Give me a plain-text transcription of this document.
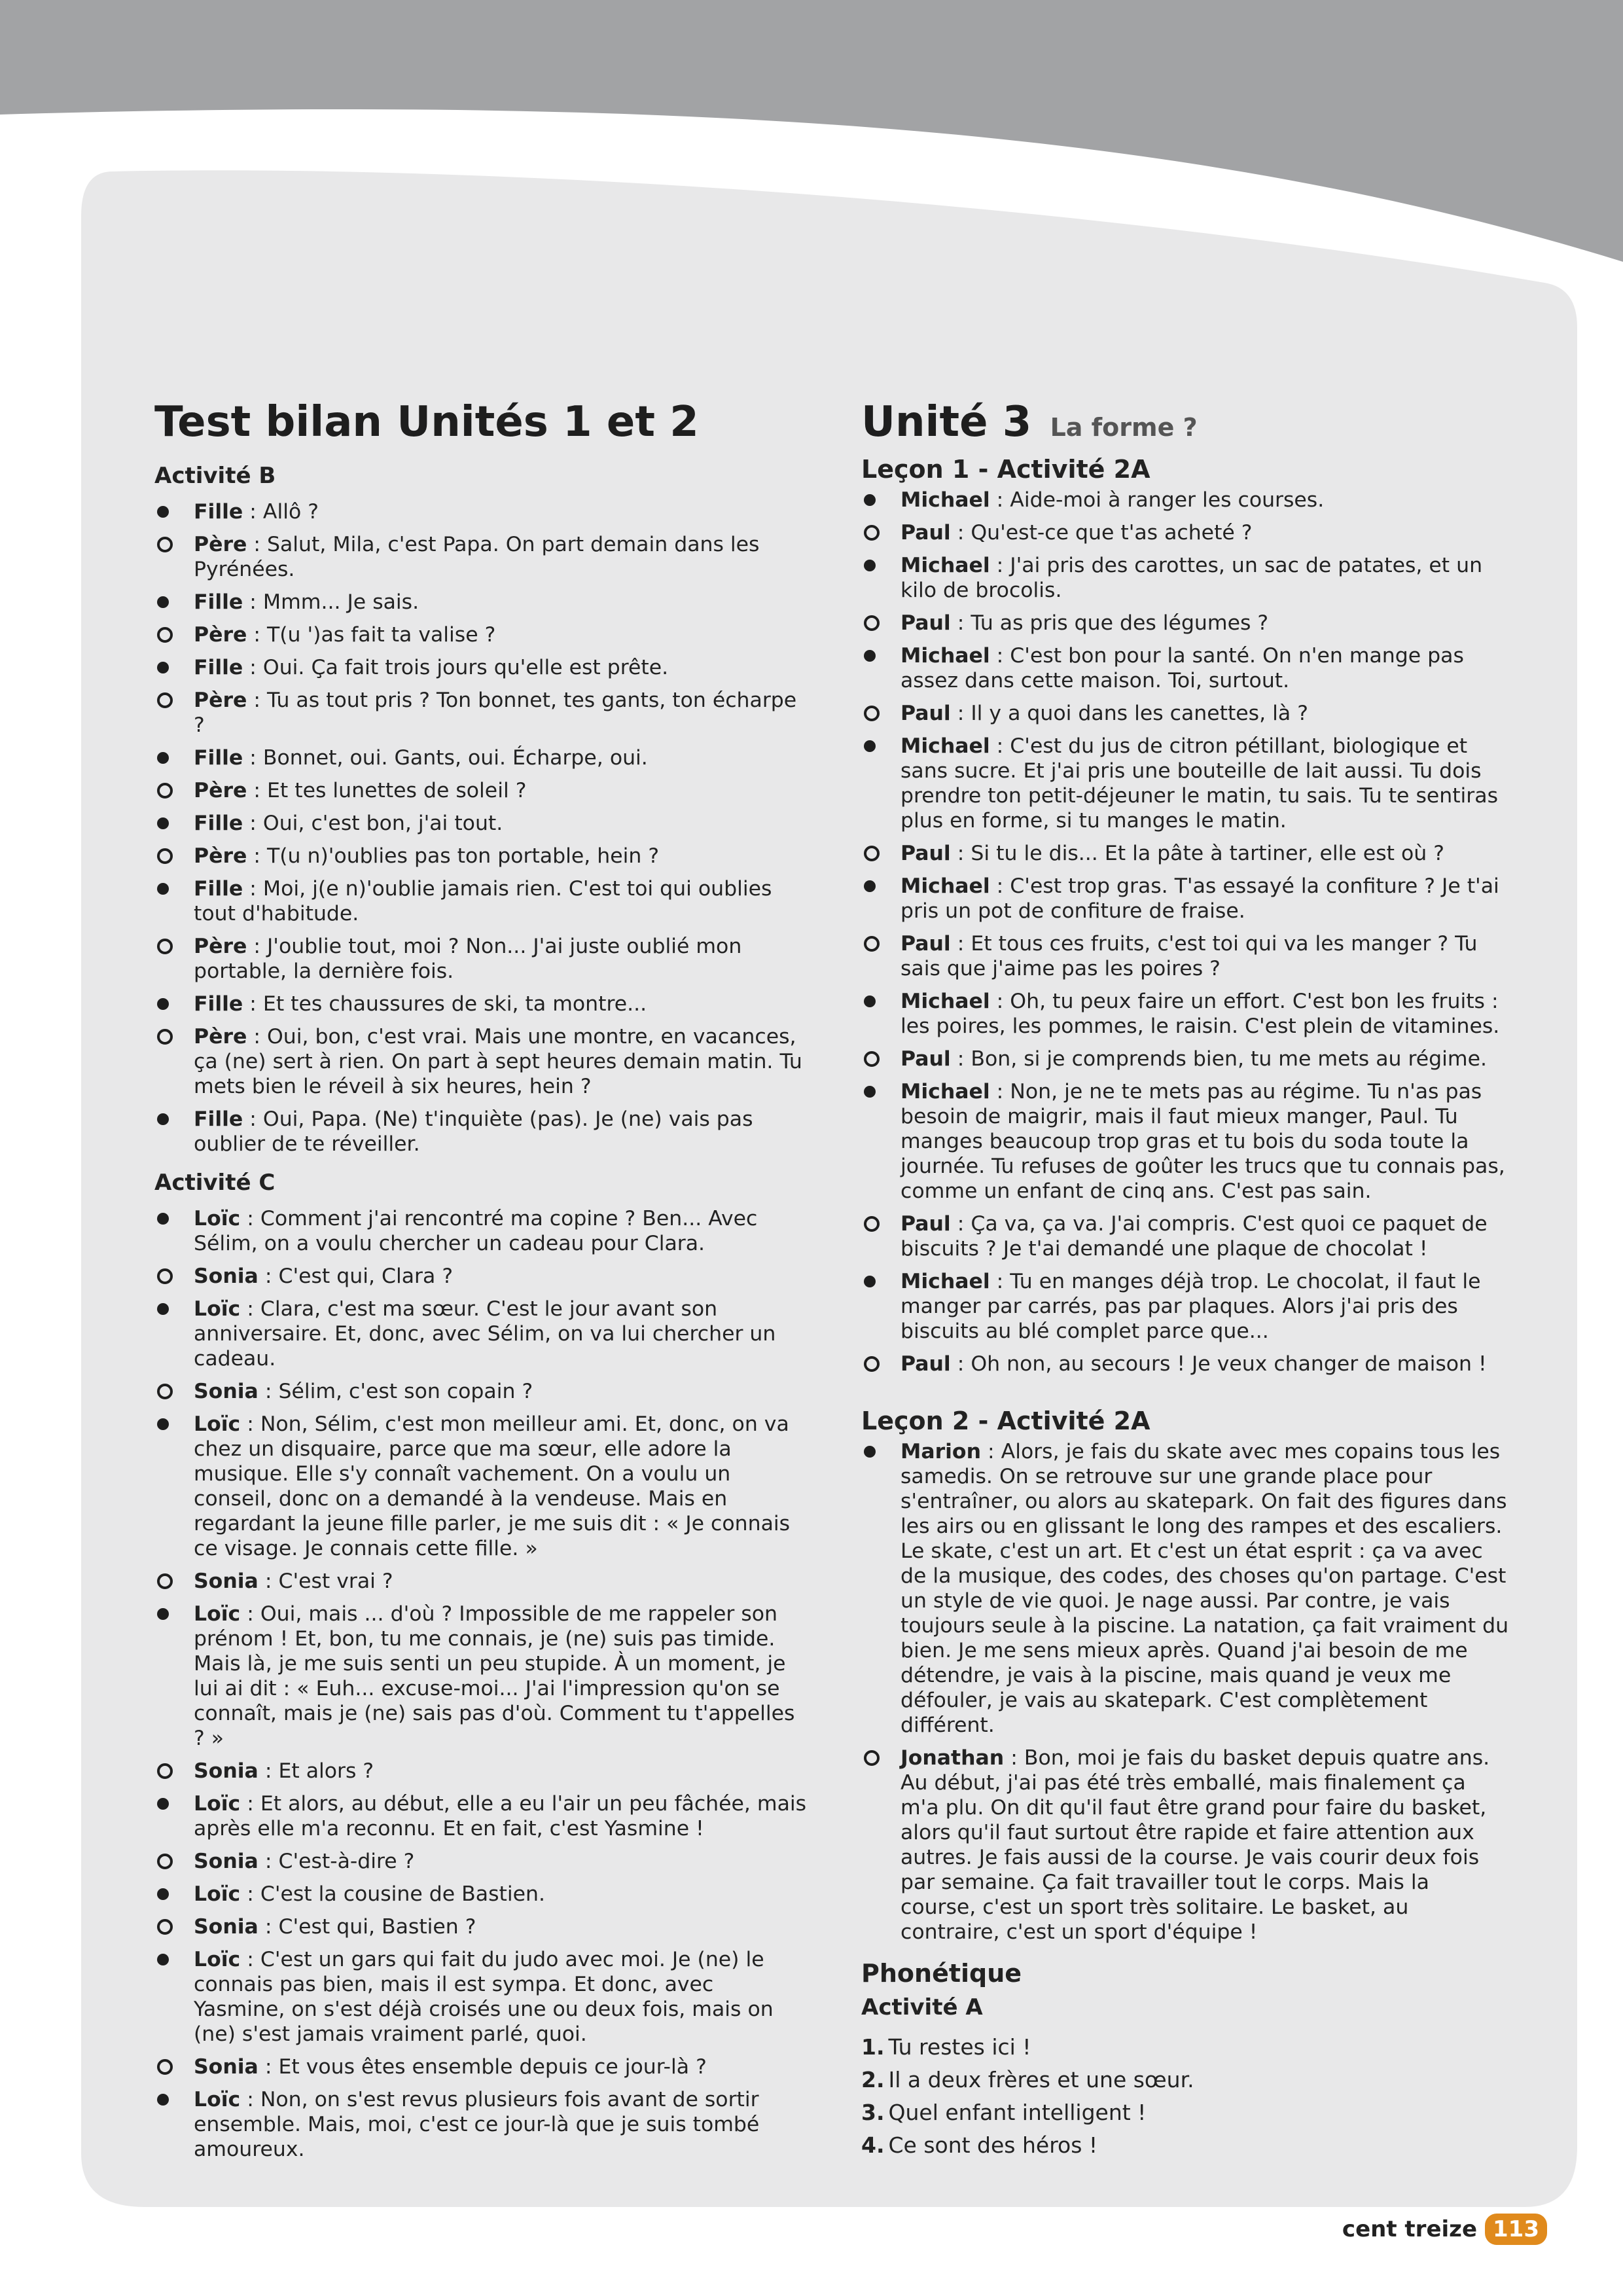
Test bilan Unités 1 et 2
Activité B
Fille : Allô ?
Père : Salut, Mila, c'est Papa. On part demain dans les Pyrénées.
Fille : Mmm... Je sais.
Père : T(u ')as fait ta valise ?
Fille : Oui. Ça fait trois jours qu'elle est prête.
Père : Tu as tout pris ? Ton bonnet, tes gants, ton écharpe ?
Fille : Bonnet, oui. Gants, oui. Écharpe, oui.
Père : Et tes lunettes de soleil ?
Fille : Oui, c'est bon, j'ai tout.
Père : T(u n)'oublies pas ton portable, hein ?
Fille : Moi, j(e n)'oublie jamais rien. C'est toi qui oublies tout d'habitude.
Père : J'oublie tout, moi ? Non... J'ai juste oublié mon portable, la dernière fois.
Fille : Et tes chaussures de ski, ta montre...
Père : Oui, bon, c'est vrai. Mais une montre, en vacances, ça (ne) sert à rien. On part à sept heures demain matin. Tu mets bien le réveil à six heures, hein ?
Fille : Oui, Papa. (Ne) t'inquiète (pas). Je (ne) vais pas oublier de te réveiller.
Activité C
Loïc : Comment j'ai rencontré ma copine ? Ben... Avec Sélim, on a voulu chercher un cadeau pour Clara.
Sonia : C'est qui, Clara ?
Loïc : Clara, c'est ma sœur. C'est le jour avant son anniversaire. Et, donc, avec Sélim, on va lui chercher un cadeau.
Sonia : Sélim, c'est son copain ?
Loïc : Non, Sélim, c'est mon meilleur ami. Et, donc, on va chez un disquaire, parce que ma sœur, elle adore la musique. Elle s'y connaît vachement. On a voulu un conseil, donc on a demandé à la vendeuse. Mais en regardant la jeune fille parler, je me suis dit : « Je connais ce visage. Je connais cette fille. »
Sonia : C'est vrai ?
Loïc : Oui, mais ... d'où ? Impossible de me rappeler son prénom ! Et, bon, tu me connais, je (ne) suis pas timide. Mais là, je me suis senti un peu stupide. À un moment, je lui ai dit : « Euh... excuse-moi... J'ai l'impression qu'on se connaît, mais je (ne) sais pas d'où. Comment tu t'appelles ? »
Sonia : Et alors ?
Loïc : Et alors, au début, elle a eu l'air un peu fâchée, mais après elle m'a reconnu. Et en fait, c'est Yasmine !
Sonia : C'est-à-dire ?
Loïc : C'est la cousine de Bastien.
Sonia : C'est qui, Bastien ?
Loïc : C'est un gars qui fait du judo avec moi. Je (ne) le connais pas bien, mais il est sympa. Et donc, avec Yasmine, on s'est déjà croisés une ou deux fois, mais on (ne) s'est jamais vraiment parlé, quoi.
Sonia : Et vous êtes ensemble depuis ce jour-là ?
Loïc : Non, on s'est revus plusieurs fois avant de sortir ensemble. Mais, moi, c'est ce jour-là que je suis tombé amoureux.
Unité 3 La forme ?
Leçon 1 - Activité 2A
Michael : Aide-moi à ranger les courses.
Paul : Qu'est-ce que t'as acheté ?
Michael : J'ai pris des carottes, un sac de patates, et un kilo de brocolis.
Paul : Tu as pris que des légumes ?
Michael : C'est bon pour la santé. On n'en mange pas assez dans cette maison. Toi, surtout.
Paul : Il y a quoi dans les canettes, là ?
Michael : C'est du jus de citron pétillant, biologique et sans sucre. Et j'ai pris une bouteille de lait aussi. Tu dois prendre ton petit-déjeuner le matin, tu sais. Tu te sentiras plus en forme, si tu manges le matin.
Paul : Si tu le dis... Et la pâte à tartiner, elle est où ?
Michael : C'est trop gras. T'as essayé la confiture ? Je t'ai pris un pot de confiture de fraise.
Paul : Et tous ces fruits, c'est toi qui va les manger ? Tu sais que j'aime pas les poires ?
Michael : Oh, tu peux faire un effort. C'est bon les fruits : les poires, les pommes, le raisin. C'est plein de vitamines.
Paul : Bon, si je comprends bien, tu me mets au régime.
Michael : Non, je ne te mets pas au régime. Tu n'as pas besoin de maigrir, mais il faut mieux manger, Paul. Tu manges beaucoup trop gras et tu bois du soda toute la journée. Tu refuses de goûter les trucs que tu connais pas, comme un enfant de cinq ans. C'est pas sain.
Paul : Ça va, ça va. J'ai compris. C'est quoi ce paquet de biscuits ? Je t'ai demandé une plaque de chocolat !
Michael : Tu en manges déjà trop. Le chocolat, il faut le manger par carrés, pas par plaques. Alors j'ai pris des biscuits au blé complet parce que...
Paul : Oh non, au secours ! Je veux changer de maison !
Leçon 2 - Activité 2A
Marion : Alors, je fais du skate avec mes copains tous les samedis. On se retrouve sur une grande place pour s'entraîner, ou alors au skatepark. On fait des figures dans les airs ou en glissant le long des rampes et des escaliers. Le skate, c'est un art. Et c'est un état esprit : ça va avec de la musique, des codes, des choses qu'on partage. C'est un style de vie quoi. Je nage aussi. Par contre, je vais toujours seule à la piscine. La natation, ça fait vraiment du bien. Je me sens mieux après. Quand j'ai besoin de me détendre, je vais à la piscine, mais quand je veux me défouler, je vais au skatepark. C'est complètement différent.
Jonathan : Bon, moi je fais du basket depuis quatre ans. Au début, j'ai pas été très emballé, mais finalement ça m'a plu. On dit qu'il faut être grand pour faire du basket, alors qu'il faut surtout être rapide et faire attention aux autres. Je fais aussi de la course. Je vais courir deux fois par semaine. Ça fait travailler tout le corps. Mais la course, c'est un sport très solitaire. Le basket, au contraire, c'est un sport d'équipe !
Phonétique
Activité A
1. Tu restes ici !
2. Il a deux frères et une sœur.
3. Quel enfant intelligent !
4. Ce sont des héros !
cent treize 113
